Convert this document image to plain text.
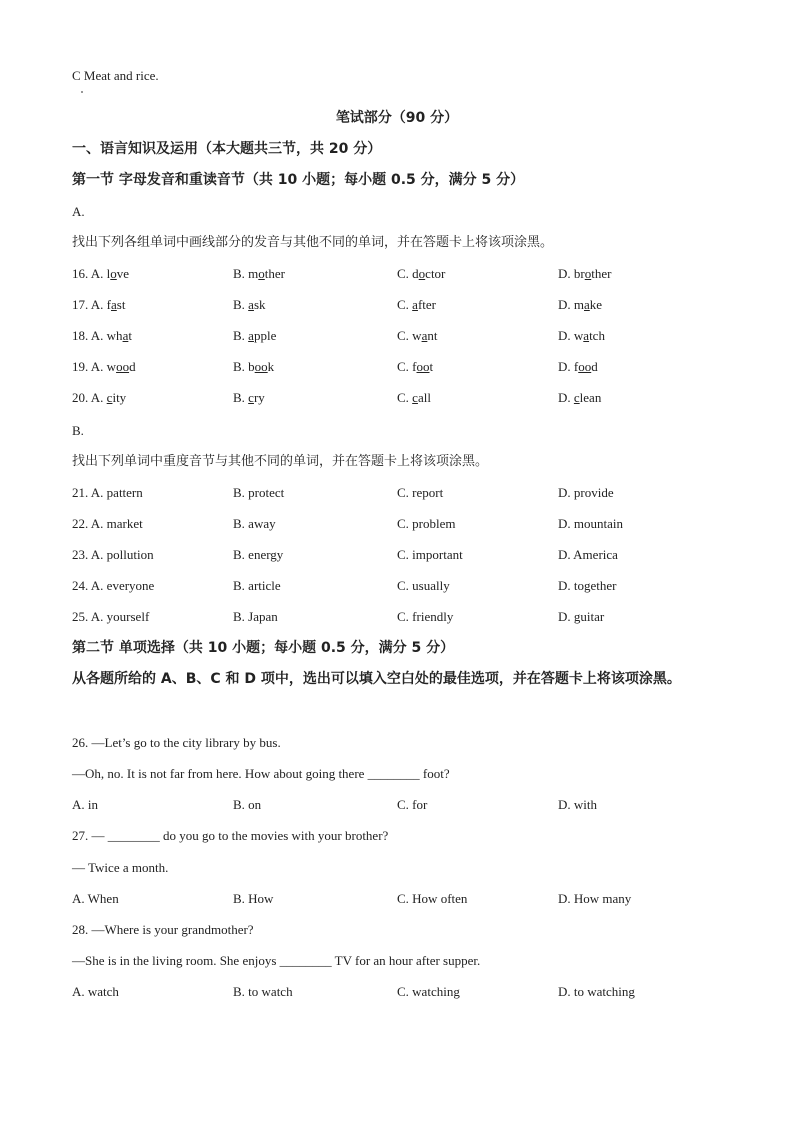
C Meat and rice.
笔试部分（90 分）
一、语言知识及运用（本大题共三节，共 20 分）
第一节 字母发音和重读音节（共 10 小题；每小题 0.5 分，满分 5 分）
A.
找出下列各组单词中画线部分的发音与其他不同的单词，并在答题卡上将该项涂黑。
16. A. love	B. mother	C. doctor	D. brother
17. A. fast	B. ask	C. after	D. make
18. A. what	B. apple	C. want	D. watch
19. A. wood	B. book	C. foot	D. food
20. A. city	B. cry	C. call	D. clean
B.
找出下列单词中重度音节与其他不同的单词，并在答题卡上将该项涂黑。
21. A. pattern	B. protect	C. report	D. provide
22. A. market	B. away	C. problem	D. mountain
23. A. pollution	B. energy	C. important	D. America
24. A. everyone	B. article	C. usually	D. together
25. A. yourself	B. Japan	C. friendly	D. guitar
第二节 单项选择（共 10 小题；每小题 0.5 分，满分 5 分）
从各题所给的 A、B、C 和 D 项中，选出可以填入空白处的最佳选项，并在答题卡上将该项涂黑。
26. —Let’s go to the city library by bus.
—Oh, no. It is not far from here. How about going there ________ foot?
A. in	B. on	C. for	D. with
27. — ________ do you go to the movies with your brother?
— Twice a month.
A. When	B. How	C. How often	D. How many
28. —Where is your grandmother?
—She is in the living room. She enjoys ________ TV for an hour after supper.
A. watch	B. to watch	C. watching	D. to watching
